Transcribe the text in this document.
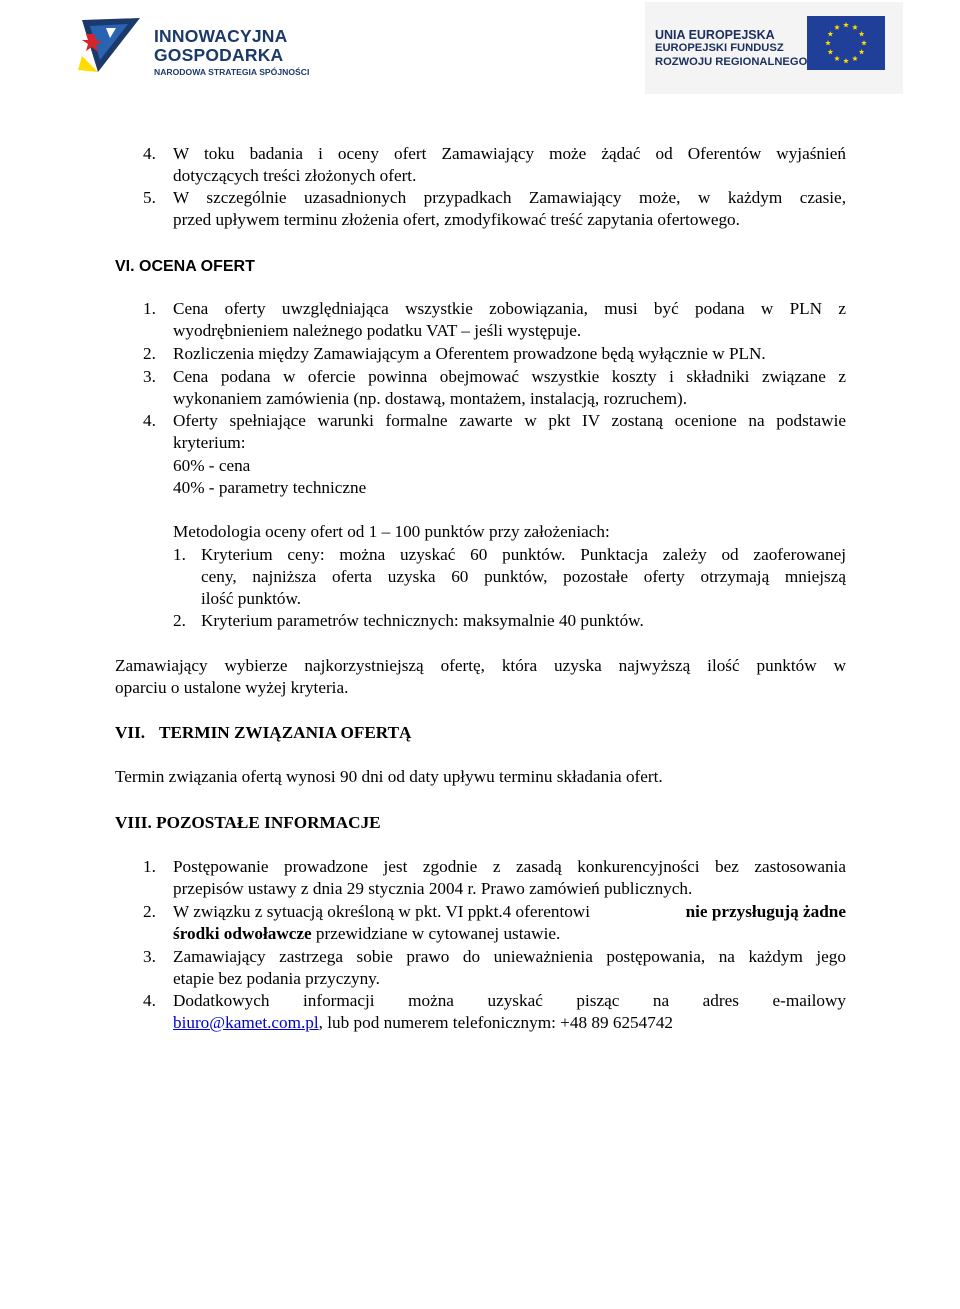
INNOWACYJNA
GOSPODARKA
NARODOWA STRATEGIA SPÓJNOŚCI
UNIA EUROPEJSKA
EUROPEJSKI FUNDUSZ
ROZWOJU REGIONALNEGO
4. W toku badania i oceny ofert Zamawiający może żądać od Oferentów wyjaśnień
dotyczących treści złożonych ofert.
5. W szczególnie uzasadnionych przypadkach Zamawiający może, w każdym czasie,
przed upływem terminu złożenia ofert, zmodyfikować treść zapytania ofertowego.
VI. OCENA OFERT
1. Cena oferty uwzględniająca wszystkie zobowiązania, musi być podana w PLN z
wyodrębnieniem należnego podatku VAT – jeśli występuje.
2. Rozliczenia między Zamawiającym a Oferentem prowadzone będą wyłącznie w PLN.
3. Cena podana w ofercie powinna obejmować wszystkie koszty i składniki związane z
wykonaniem zamówienia (np. dostawą, montażem, instalacją, rozruchem).
4. Oferty spełniające warunki formalne zawarte w pkt IV zostaną ocenione na podstawie
kryterium:
60% - cena
40% - parametry techniczne
Metodologia oceny ofert od 1 – 100 punktów przy założeniach:
1. Kryterium ceny: można uzyskać 60 punktów. Punktacja zależy od zaoferowanej
ceny, najniższa oferta uzyska 60 punktów, pozostałe oferty otrzymają mniejszą
ilość punktów.
2. Kryterium parametrów technicznych: maksymalnie 40 punktów.
Zamawiający wybierze najkorzystniejszą ofertę, która uzyska najwyższą ilość punktów w
oparciu o ustalone wyżej kryteria.
VII. TERMIN ZWIĄZANIA OFERTĄ
Termin związania ofertą wynosi 90 dni od daty upływu terminu składania ofert.
VIII. POZOSTAŁE INFORMACJE
1. Postępowanie prowadzone jest zgodnie z zasadą konkurencyjności bez zastosowania
przepisów ustawy z dnia 29 stycznia 2004 r. Prawo zamówień publicznych.
2. W związku z sytuacją określoną w pkt. VI ppkt.4 oferentowi	nie przysługują żadne
środki odwoławcze przewidziane w cytowanej ustawie.
3. Zamawiający zastrzega sobie prawo do unieważnienia postępowania, na każdym jego
etapie bez podania przyczyny.
4. Dodatkowych informacji można uzyskać pisząc na adres e-mailowy
biuro@kamet.com.pl, lub pod numerem telefonicznym: +48 89 6254742
